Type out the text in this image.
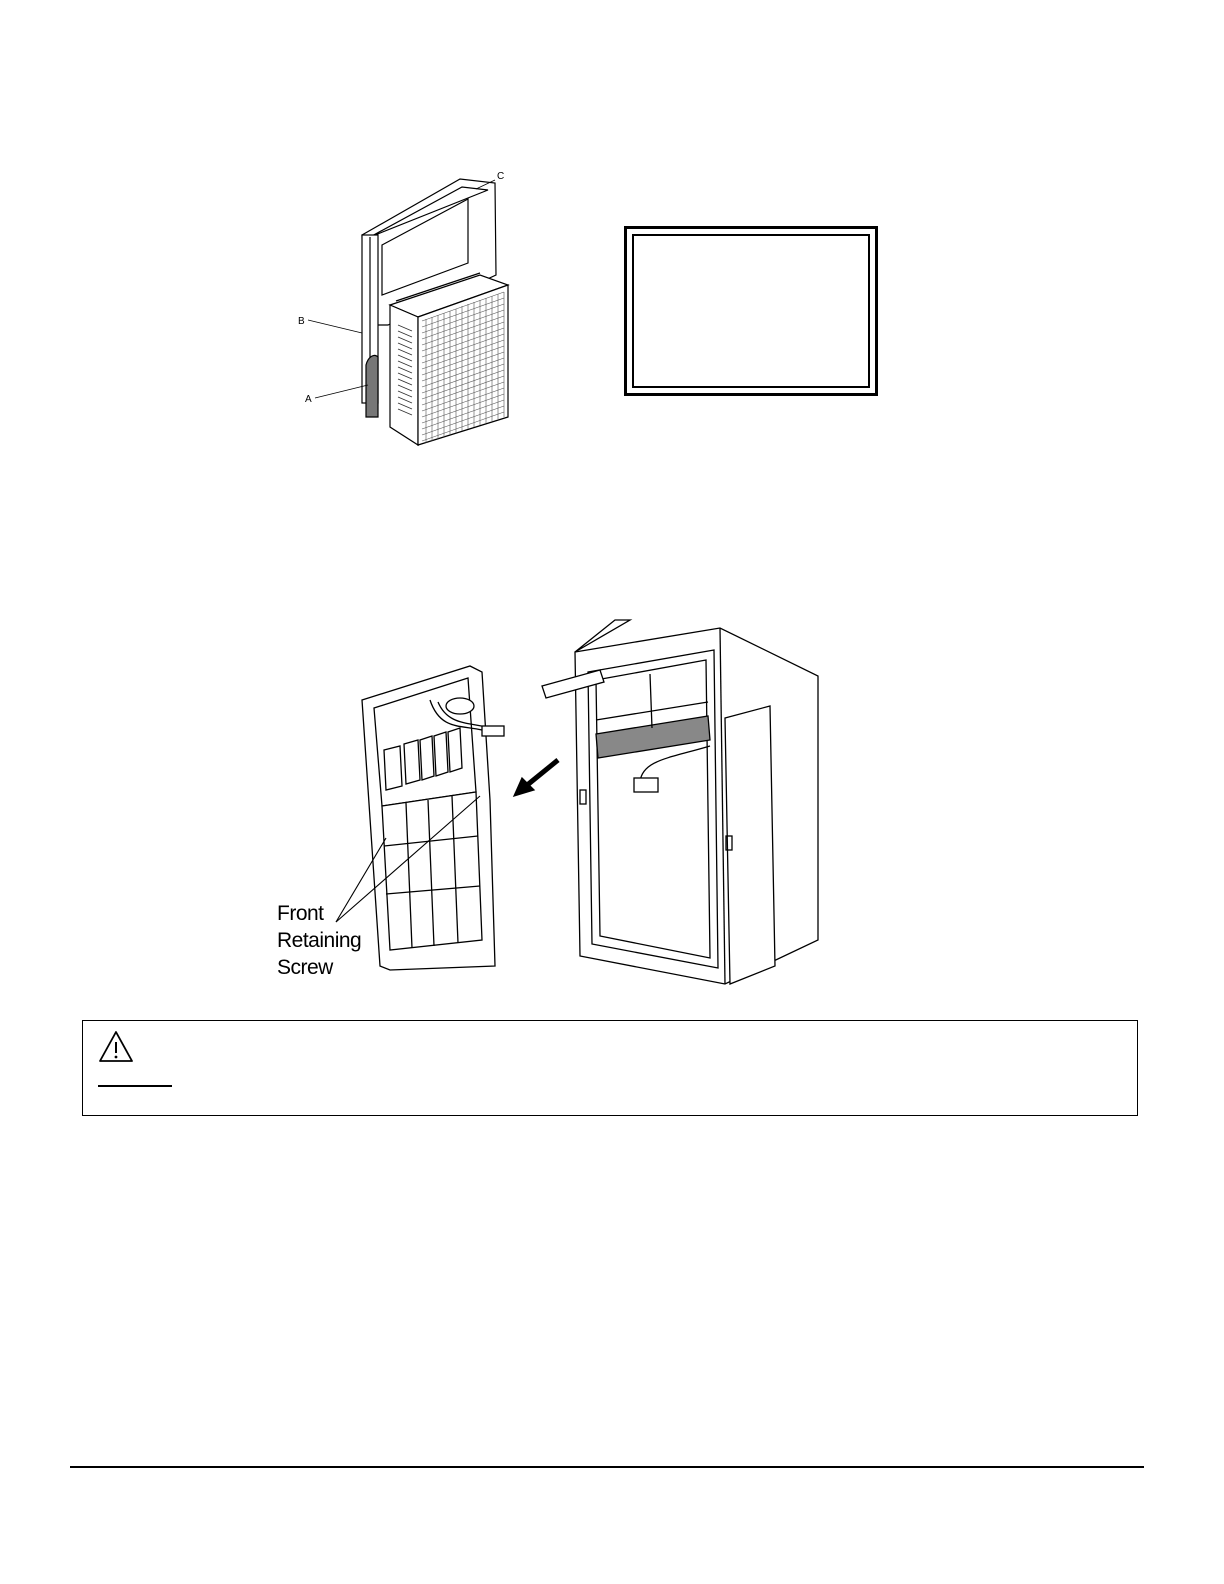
B
A
C
Front
Retaining
Screw
